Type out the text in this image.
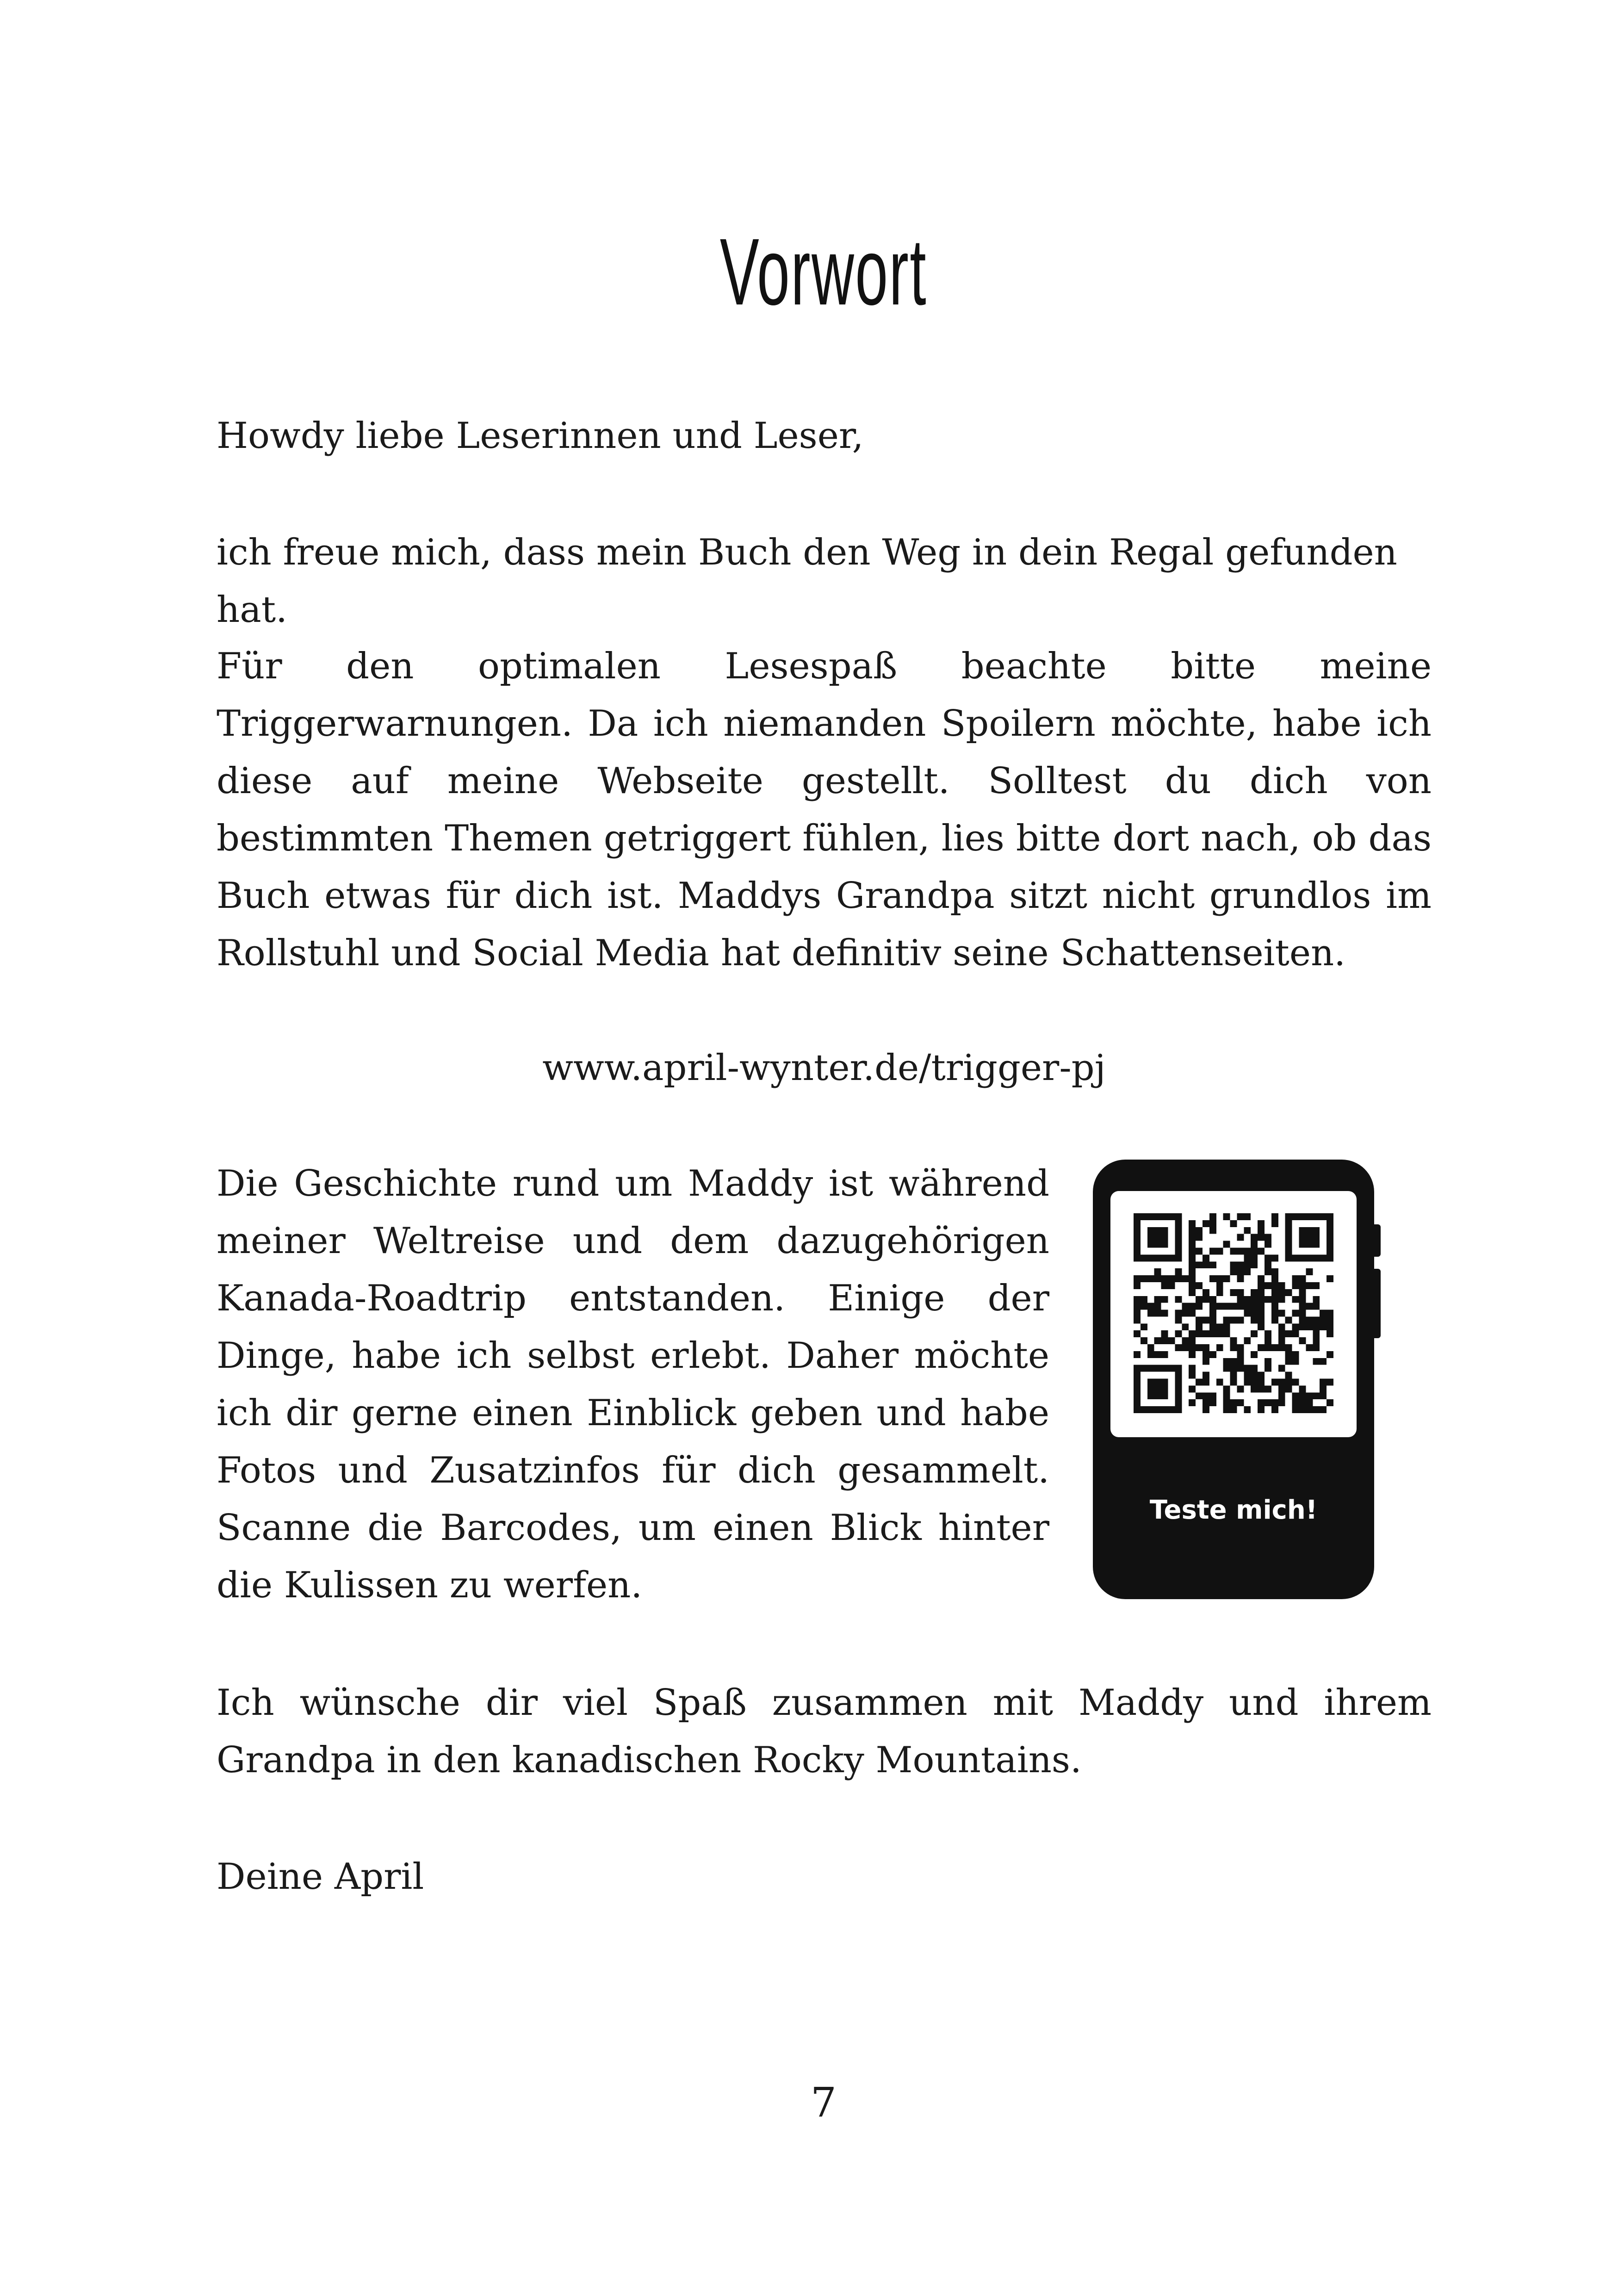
Vorwort

Howdy liebe Leserinnen und Leser,

ich freue mich, dass mein Buch den Weg in dein Regal gefunden hat.

Für den optimalen Lesespaß beachte bitte meine Triggerwarnungen. Da ich niemanden Spoilern möchte, habe ich diese auf meine Webseite gestellt. Solltest du dich von bestimmten Themen getriggert fühlen, lies bitte dort nach, ob das Buch etwas für dich ist. Maddys Grandpa sitzt nicht grundlos im Rollstuhl und Social Media hat definitiv seine Schattenseiten.

www.april-wynter.de/trigger-pj

Die Geschichte rund um Maddy ist während meiner Weltreise und dem dazugehörigen Kanada-Roadtrip entstanden. Einige der Dinge, habe ich selbst erlebt. Daher möchte ich dir gerne einen Einblick geben und habe Fotos und Zusatzinfos für dich gesammelt. Scanne die Barcodes, um einen Blick hinter die Kulissen zu werfen.

Teste mich!

Ich wünsche dir viel Spaß zusammen mit Maddy und ihrem Grandpa in den kanadischen Rocky Mountains.

Deine April

7
